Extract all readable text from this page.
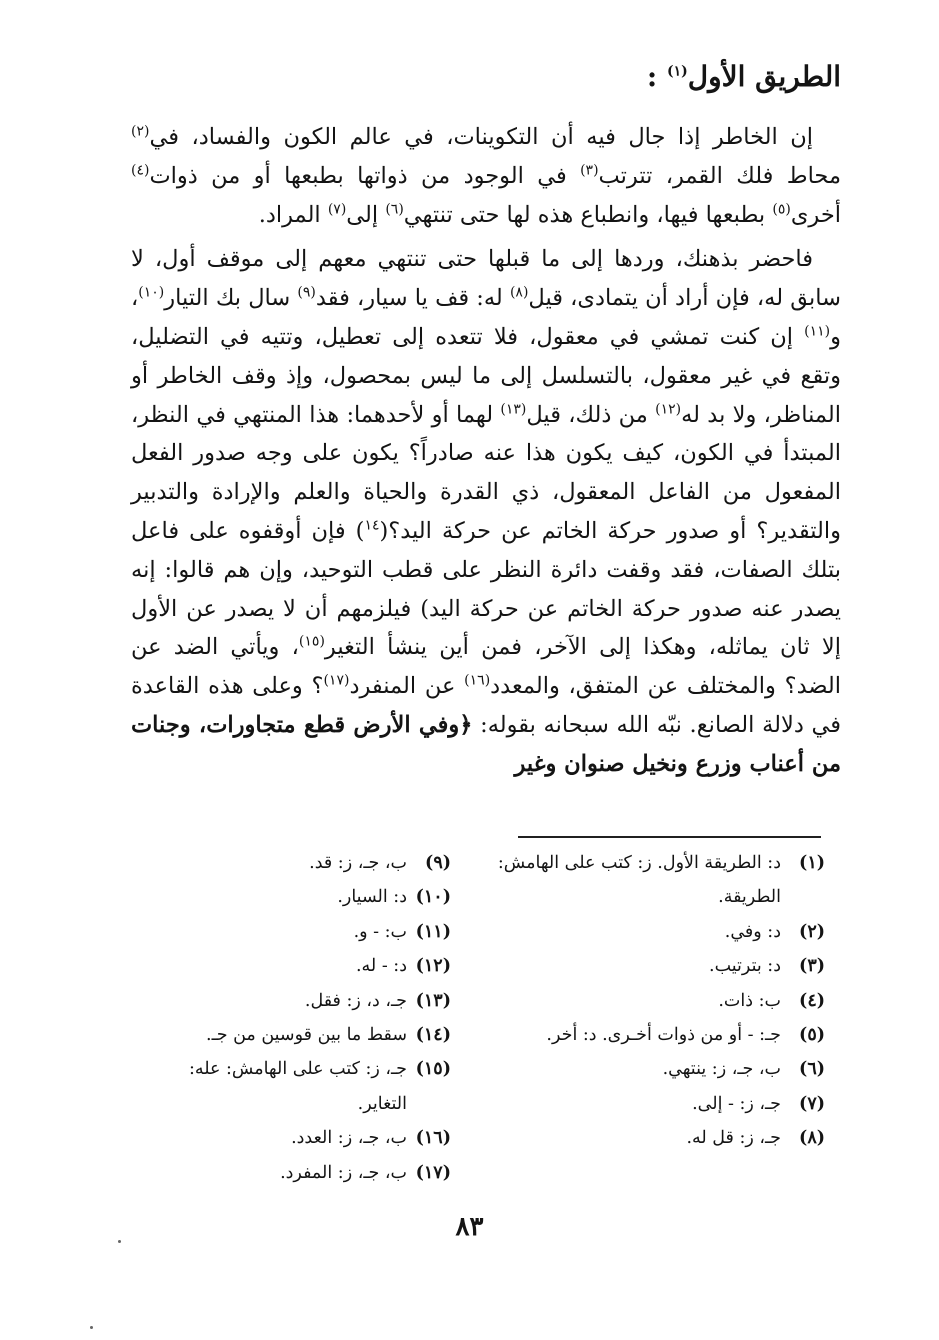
الطريق الأول$^{(١)}$ :

إن الخاطر إذا جال فيه أن التكوينات، في عالم الكون والفساد، في$^{(٢)}$ محاط فلك القمر، تترتب$^{(٣)}$ في الوجود من ذواتها بطبعها أو من ذوات$^{(٤)}$ أخرى$^{(٥)}$ بطبعها فيها، وانطباع هذه لها حتى تنتهي$^{(٦)}$ إلى$^{(٧)}$ المراد.

فاحضر بذهنك، وردها إلى ما قبلها حتى تنتهي معهم إلى موقف أول، لا سابق له، فإن أراد أن يتمادى، قيل$^{(٨)}$ له: قف يا سيار، فقد$^{(٩)}$ سال بك التيار$^{(١٠)}$، و$^{(١١)}$ إن كنت تمشي في معقول، فلا تتعده إلى تعطيل، وتتيه في التضليل، وتقع في غير معقول، بالتسلسل إلى ما ليس بمحصول، وإذ وقف الخاطر أو المناظر، ولا بد له$^{(١٢)}$ من ذلك، قيل$^{(١٣)}$ لهما أو لأحدهما: هذا المنتهي في النظر، المبتدأ في الكون، كيف يكون هذا عنه صادراً؟ يكون على وجه صدور الفعل المفعول من الفاعل المعقول، ذي القدرة والحياة والعلم والإرادة والتدبير والتقدير؟ أو صدور حركة الخاتم عن حركة اليد؟($^{١٤}$) فإن أوقفوه على فاعل بتلك الصفات، فقد وقفت دائرة النظر على قطب التوحيد، وإن هم قالوا: إنه يصدر عنه صدور حركة الخاتم عن حركة اليد) فيلزمهم أن لا يصدر عن الأول إلا ثان يماثله، وهكذا إلى الآخر، فمن أين ينشأ التغير$^{(١٥)}$، ويأتي الضد عن الضد؟ والمختلف عن المتفق، والمعدد$^{(١٦)}$ عن المنفرد$^{(١٧)}$؟ وعلى هذه القاعدة في دلالة الصانع. نبّه الله سبحانه بقوله: ﴿وفي الأرض قطع متجاورات، وجنات من أعناب وزرع ونخيل صنوان وغير

(١)
د: الطريقة الأول. ز: كتب على الهامش: الطريقة.
(٢)
د: وفي.
(٣)
د: بترتيب.
(٤)
ب: ذات.
(٥)
جـ: - أو من ذوات أخـرى. د: أخر.
(٦)
ب، جـ، ز: ينتهي.
(٧)
جـ، ز: - إلى.
(٨)
جـ، ز: قل له.
(٩)
ب، جـ، ز: قد.
(١٠)
د: السيار.
(١١)
ب: - و.
(١٢)
د: - له.
(١٣)
جـ، د، ز: فقل.
(١٤)
سقط ما بين قوسين من جـ.
(١٥)
جـ، ز: كتب على الهامش: عله: التغاير.
(١٦)
ب، جـ، ز: العدد.
(١٧)
ب، جـ، ز: المفرد.
٨٣
